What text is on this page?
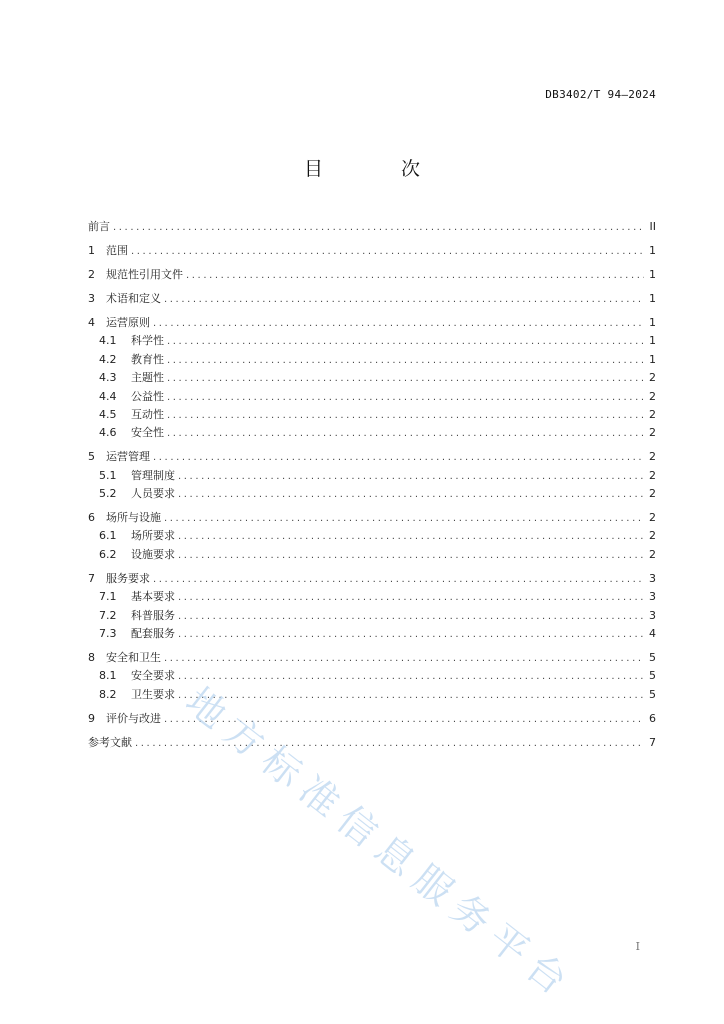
DB3402/T 94—2024
目 次
前言 .....	II
1	范围 .....	1
2	规范性引用文件 .....	1
3	术语和定义 .....	1
4	运营原则 .....	1
4.1	科学性 .....	1
4.2	教育性 .....	1
4.3	主题性 .....	2
4.4	公益性 .....	2
4.5	互动性 .....	2
4.6	安全性 .....	2
5	运营管理 .....	2
5.1	管理制度 .....	2
5.2	人员要求 .....	2
6	场所与设施 .....	2
6.1	场所要求 .....	2
6.2	设施要求 .....	2
7	服务要求 .....	3
7.1	基本要求 .....	3
7.2	科普服务 .....	3
7.3	配套服务 .....	4
8	安全和卫生 .....	5
8.1	安全要求 .....	5
8.2	卫生要求 .....	5
9	评价与改进 .....	6
参考文献 .....	7
地方标准信息服务平台	I
